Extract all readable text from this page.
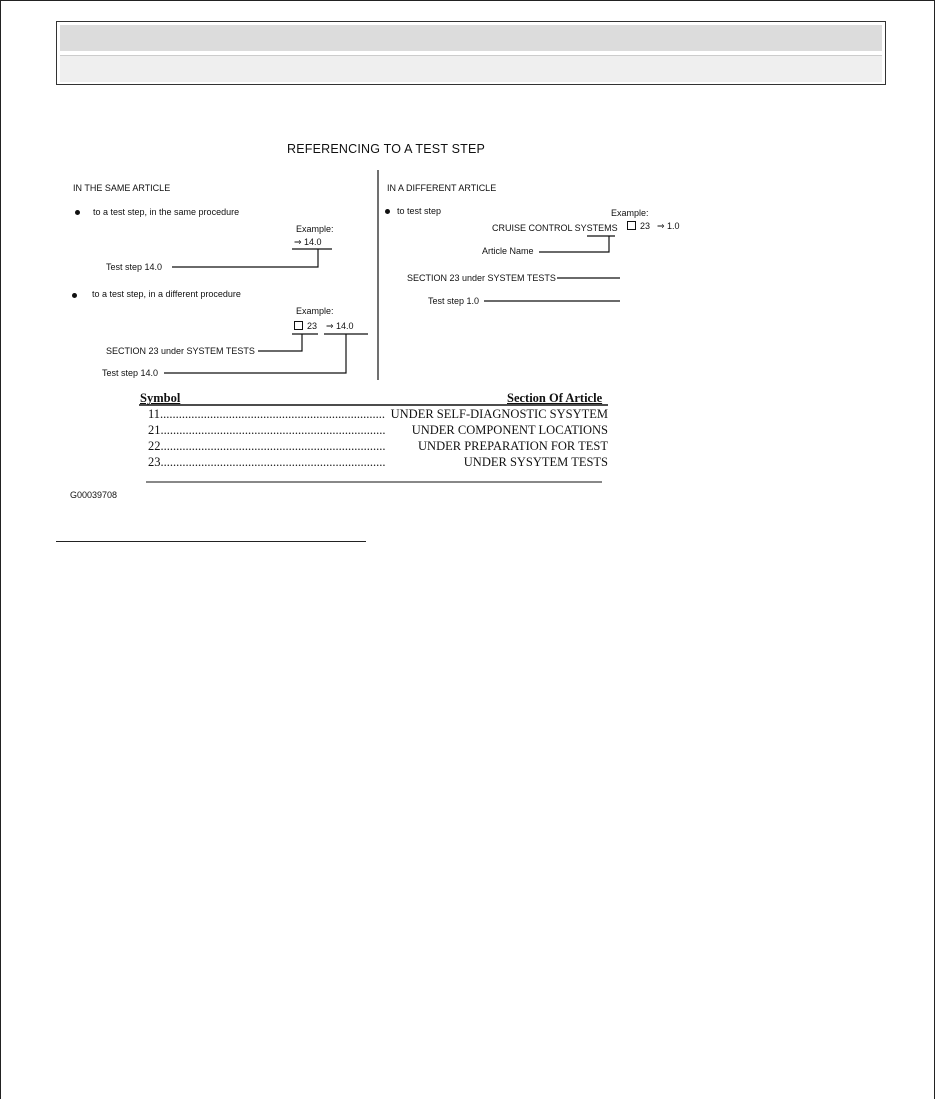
REFERENCING TO A TEST STEP
IN THE SAME ARTICLE
to a test step, in the same procedure
Example:
⇒ 14.0
Test step 14.0
to a test step, in a different procedure
Example:
23 ⇒ 14.0
SECTION 23 under SYSTEM TESTS
Test step 14.0
IN A DIFFERENT ARTICLE
to test step	Example:
CRUISE CONTROL SYSTEMS	23 ⇒ 1.0
Article Name
SECTION 23 under SYSTEM TESTS
Test step 1.0
Symbol	Section Of Article
11........................................................................ UNDER SELF-DIAGNOSTIC SYSYTEM
21........................................................................	UNDER COMPONENT LOCATIONS
22........................................................................	UNDER PREPARATION FOR TEST
23........................................................................	UNDER SYSYTEM TESTS
G00039708
